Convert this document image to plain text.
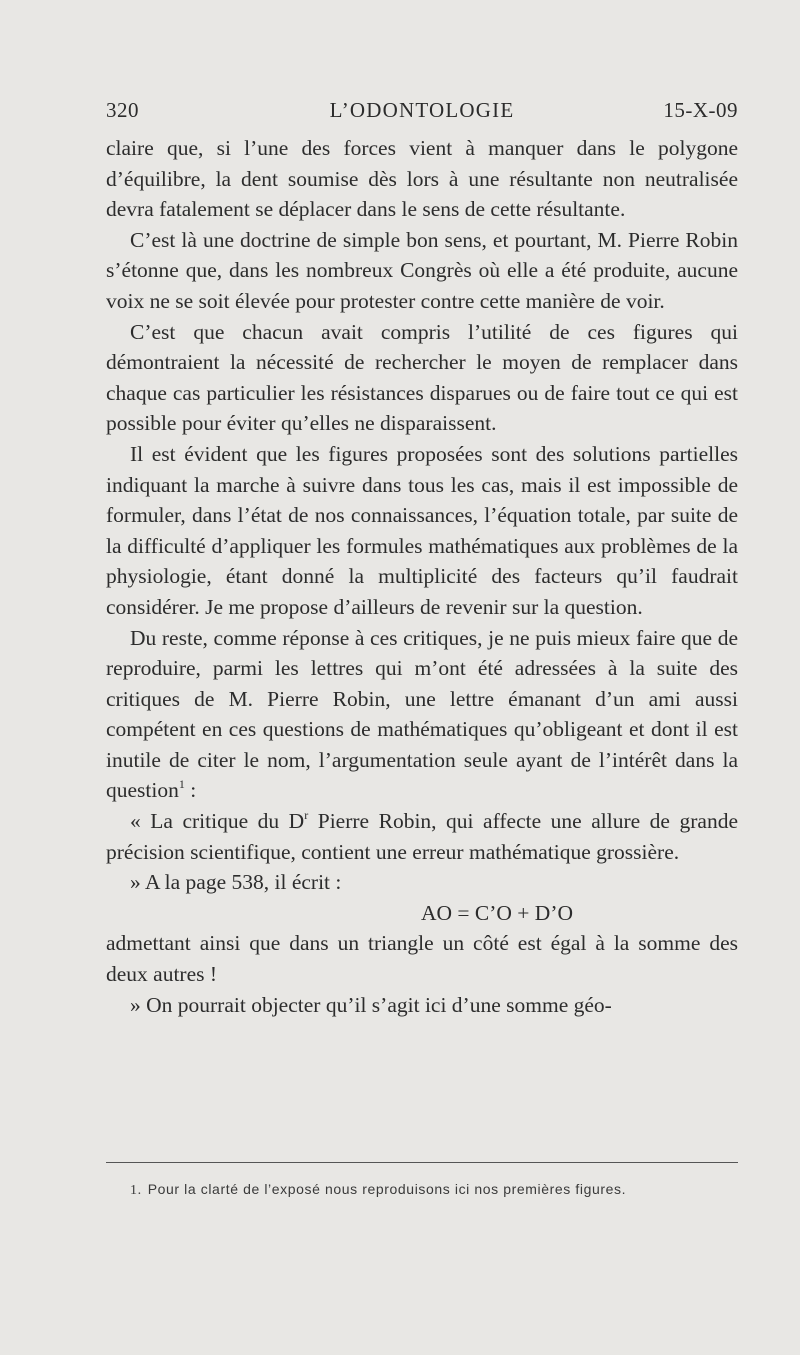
320	L’ODONTOLOGIE	15-X-09

claire que, si l’une des forces vient à manquer dans le polygone d’équilibre, la dent soumise dès lors à une résultante non neutralisée devra fatalement se déplacer dans le sens de cette résultante.

C’est là une doctrine de simple bon sens, et pourtant, M. Pierre Robin s’étonne que, dans les nombreux Congrès où elle a été produite, aucune voix ne se soit élevée pour protester contre cette manière de voir.

C’est que chacun avait compris l’utilité de ces figures qui démontraient la nécessité de rechercher le moyen de remplacer dans chaque cas particulier les résistances disparues ou de faire tout ce qui est possible pour éviter qu’elles ne disparaissent.

Il est évident que les figures proposées sont des solutions partielles indiquant la marche à suivre dans tous les cas, mais il est impossible de formuler, dans l’état de nos connaissances, l’équation totale, par suite de la difficulté d’appliquer les formules mathématiques aux problèmes de la physiologie, étant donné la multiplicité des facteurs qu’il faudrait considérer. Je me propose d’ailleurs de revenir sur la question.

Du reste, comme réponse à ces critiques, je ne puis mieux faire que de reproduire, parmi les lettres qui m’ont été adressées à la suite des critiques de M. Pierre Robin, une lettre émanant d’un ami aussi compétent en ces questions de mathématiques qu’obligeant et dont il est inutile de citer le nom, l’argumentation seule ayant de l’intérêt dans la question$^1$ :

« La critique du $D^r$ Pierre Robin, qui affecte une allure de grande précision scientifique, contient une erreur mathématique grossière.

» A la page 538, il écrit :

AO = C’O + D’O

admettant ainsi que dans un triangle un côté est égal à la somme des deux autres !

» On pourrait objecter qu’il s’agit ici d’une somme géo-

1. Pour la clarté de l’exposé nous reproduisons ici nos premières figures.
